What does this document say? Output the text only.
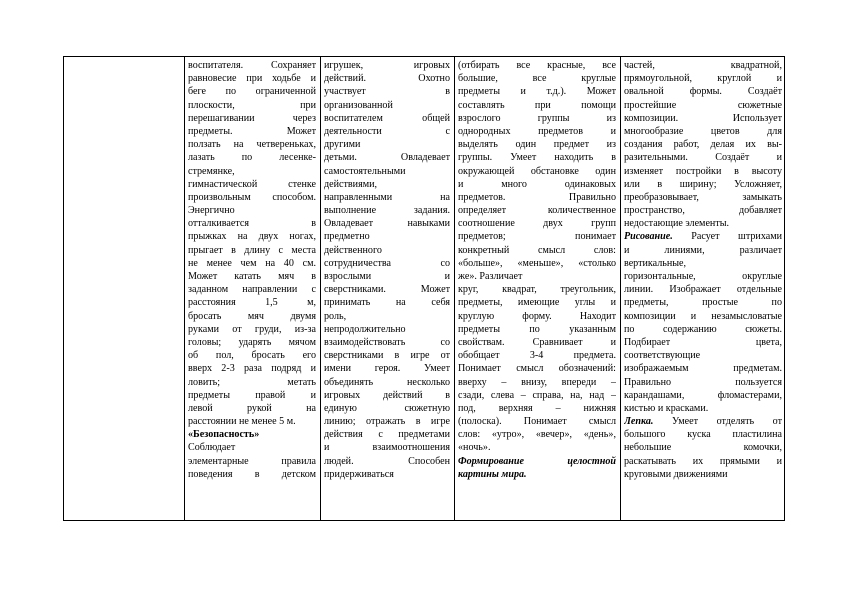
воспитателя. Сохраняет
равновесие при ходьбе и
беге по ограниченной
плоскости, при
перешагивании через
предметы. Может
ползать на четвереньках,
лазать по лесенке-
стремянке,
гимнастической стенке
произвольным способом.
Энергично
отталкивается в
прыжках на двух ногах,
прыгает в длину с места
не менее чем на 40 см.
Может катать мяч в
заданном направлении с
расстояния 1,5 м,
бросать мяч двумя
руками от груди, из-за
головы; ударять мячом
об пол, бросать его
вверх 2-3 раза подряд и
ловить; метать
предметы правой и
левой рукой на
расстоянии не менее 5 м.
«Безопасность»
Соблюдает
элементарные правила
поведения в детском
игрушек, игровых
действий. Охотно
участвует в
организованной
воспитателем общей
деятельности с
другими
детьми. Овладевает
самостоятельными
действиями,
направленными на
выполнение задания.
Овладевает навыками
предметно
действенного
сотрудничества со
взрослыми и
сверстниками. Может
принимать на себя
роль,
непродолжительно
взаимодействовать со
сверстниками в игре от
имени героя. Умеет
объединять несколько
игровых действий в
единую сюжетную
линию; отражать в игре
действия с предметами
и взаимоотношения
людей. Способен
придерживаться
(отбирать все красные, все
большие, все круглые
предметы и т.д.). Может
составлять при помощи
взрослого группы из
однородных предметов и
выделять один предмет из
группы. Умеет находить в
окружающей обстановке один
и много одинаковых
предметов. Правильно
определяет количественное
соотношение двух групп
предметов; понимает
конкретный смысл слов:
«больше», «меньше», «столько
же». Различает
круг, квадрат, треугольник,
предметы, имеющие углы и
круглую форму. Находит
предметы по указанным
свойствам. Сравнивает и
обобщает 3-4 предмета.
Понимает смысл обозначений:
вверху – внизу, впереди –
сзади, слева – справа, на, над –
под, верхняя – нижняя
(полоска). Понимает смысл
слов: «утро», «вечер», «день»,
«ночь».
Формирование целостной
картины мира.
частей, квадратной,
прямоугольной, круглой и
овальной формы. Создаёт
простейшие сюжетные
композиции. Использует
многообразие цветов для
создания работ, делая их вы-
разительными. Создаёт и
изменяет постройки в высоту
или в ширину; Усложняет,
преобразовывает, замыкать
пространство, добавляет
недостающие элементы.
Рисование. Расует штрихами
и линиями, различает
вертикальные,
горизонтальные, округлые
линии. Изображает отдельные
предметы, простые по
композиции и незамысловатые
по содержанию сюжеты.
Подбирает цвета,
соответствующие
изображаемым предметам.
Правильно пользуется
карандашами, фломастерами,
кистью и красками.
Лепка. Умеет отделять от
большого куска пластилина
небольшие комочки,
раскатывать их прямыми и
круговыми движениями
